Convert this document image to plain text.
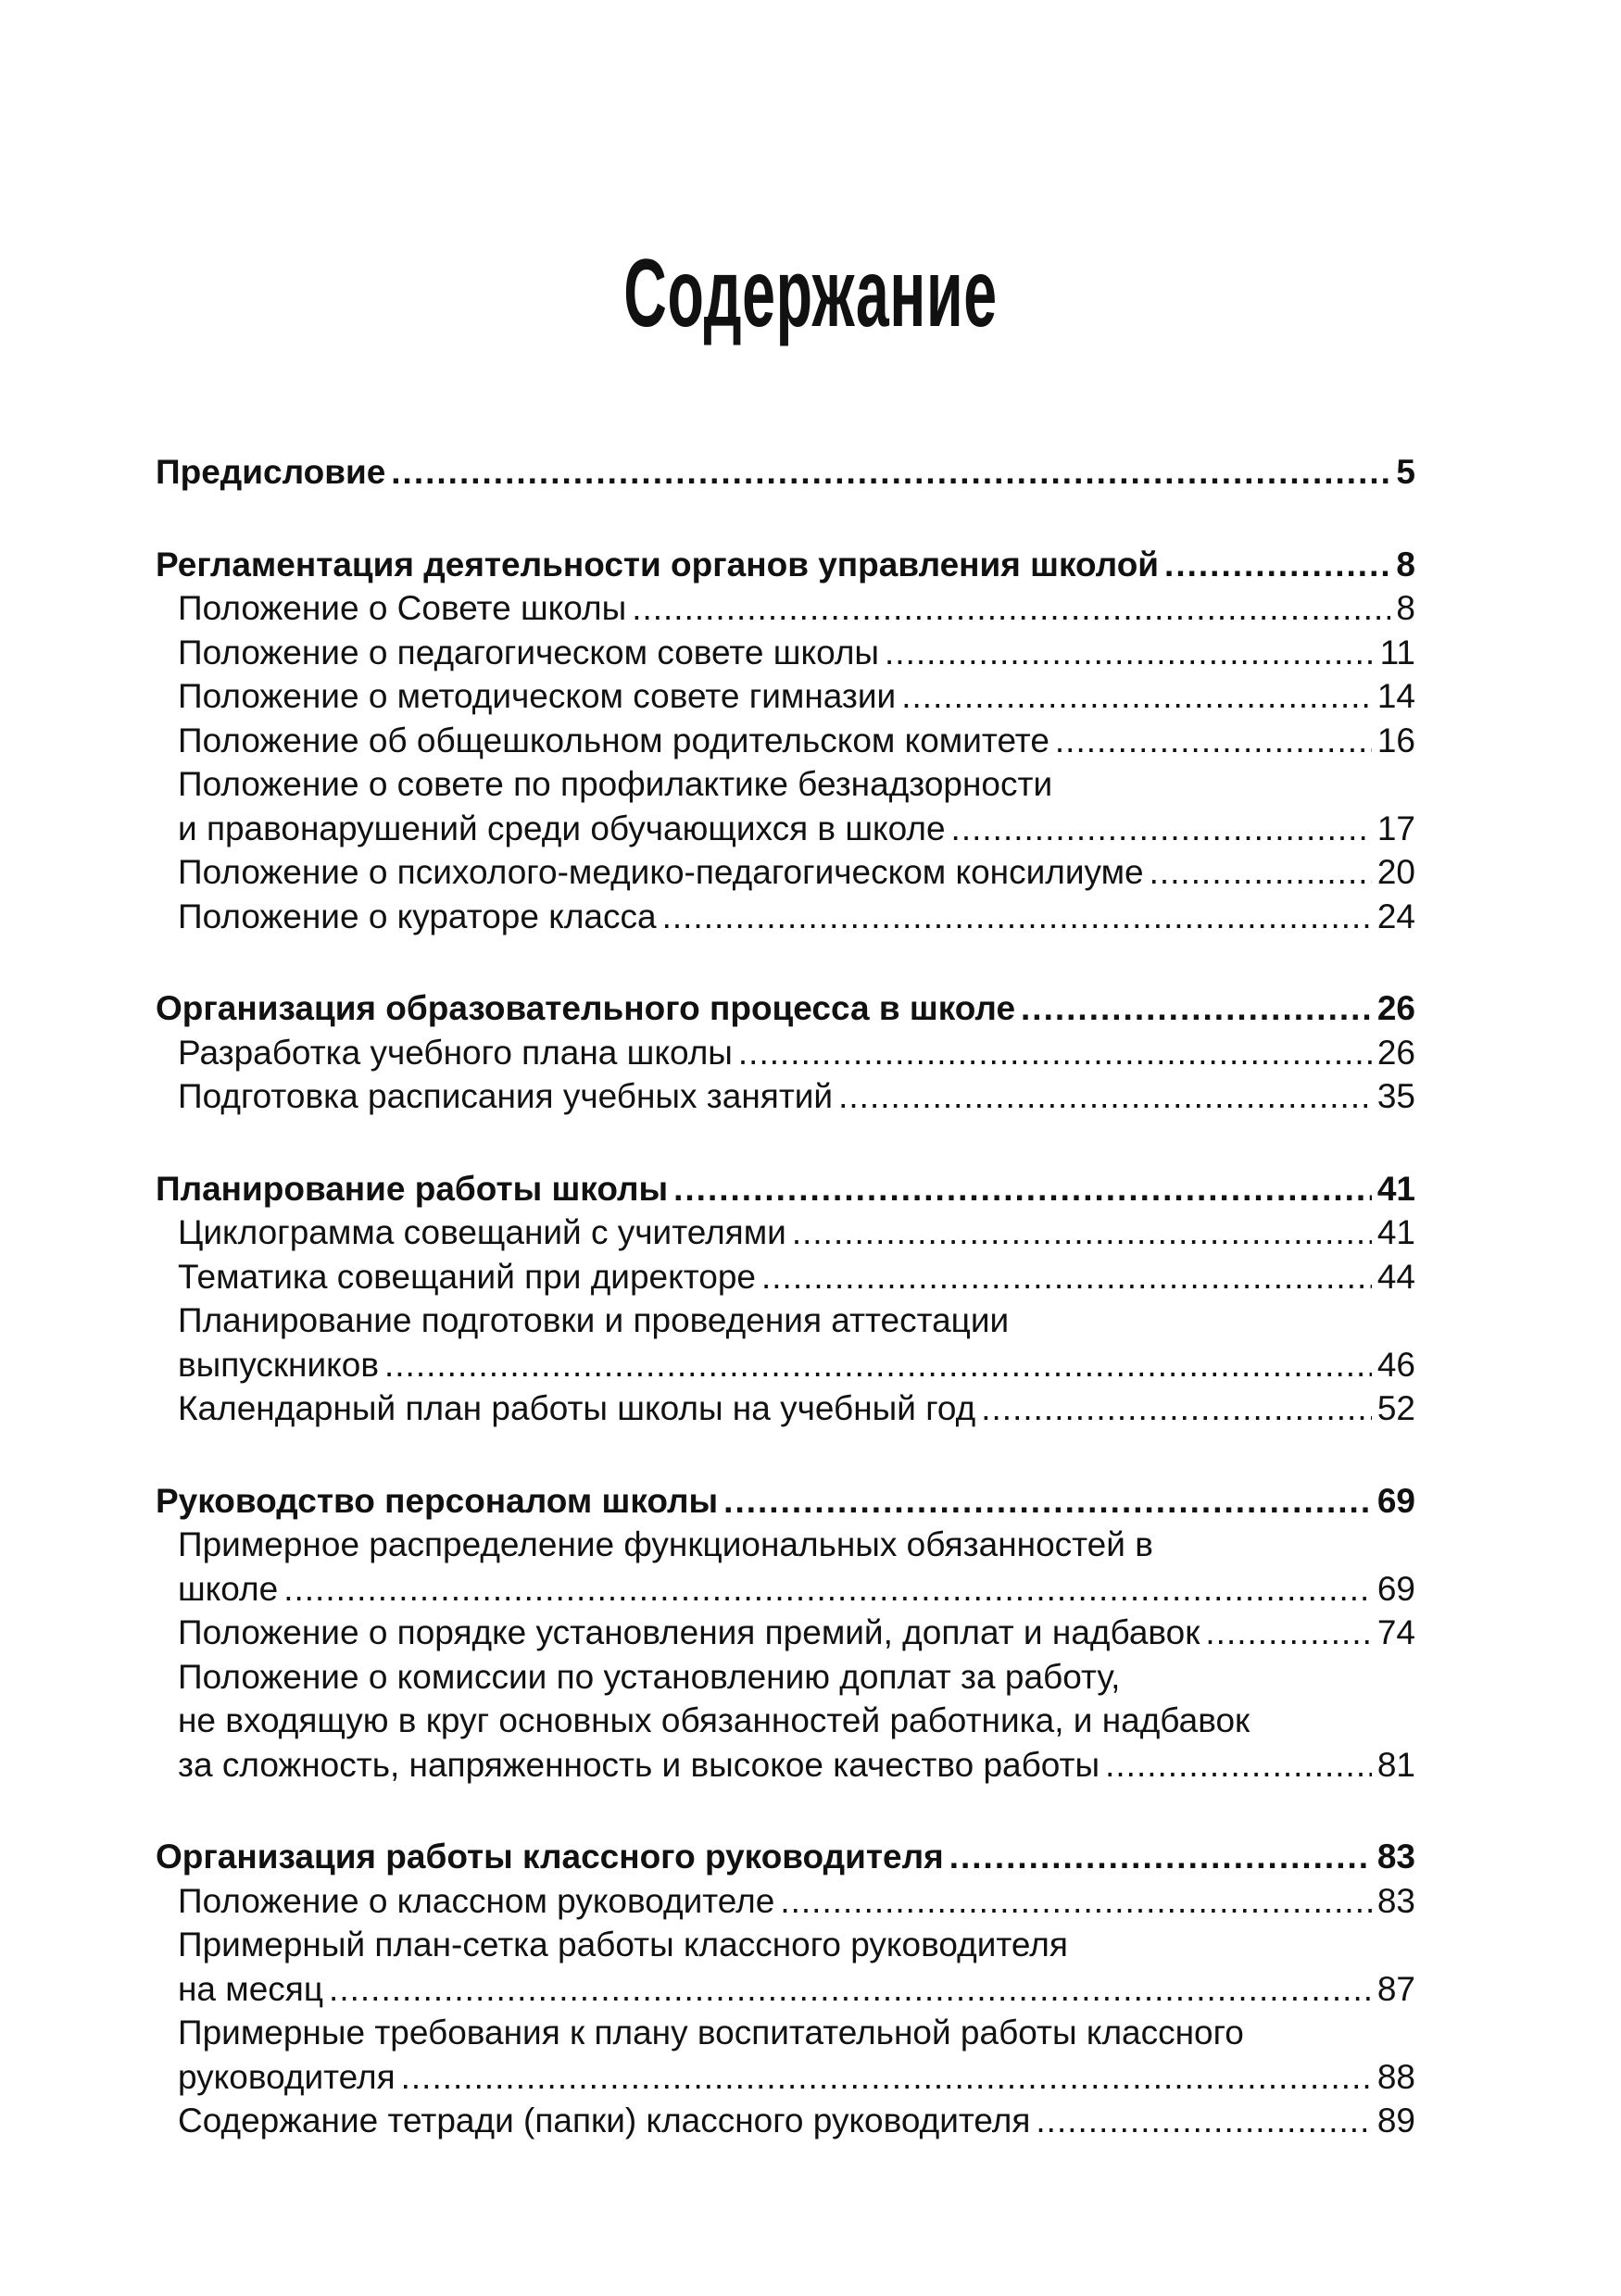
Содержание
Предисловие .....	5
Регламентация деятельности органов управления школой .....	8
Положение о Совете школы .....	8
Положение о педагогическом совете школы .....	11
Положение о методическом совете гимназии .....	14
Положение об общешкольном родительском комитете .....	16
Положение о совете по профилактике безнадзорности
и правонарушений среди обучающихся в школе .....	17
Положение о психолого-медико-педагогическом консилиуме .....	20
Положение о кураторе класса .....	24
Организация образовательного процесса в школе .....	26
Разработка учебного плана школы .....	26
Подготовка расписания учебных занятий .....	35
Планирование работы школы .....	41
Циклограмма совещаний с учителями .....	41
Тематика совещаний при директоре .....	44
Планирование подготовки и проведения аттестации
выпускников .....	46
Календарный план работы школы на учебный год .....	52
Руководство персоналом школы .....	69
Примерное распределение функциональных обязанностей в
школе .....	69
Положение о порядке установления премий, доплат и надбавок .....	74
Положение о комиссии по установлению доплат за работу,
не входящую в круг основных обязанностей работника, и надбавок
за сложность, напряженность и высокое качество работы .....	81
Организация работы классного руководителя .....	83
Положение о классном руководителе .....	83
Примерный план-сетка работы классного руководителя
на месяц .....	87
Примерные требования к плану воспитательной работы классного
руководителя .....	88
Содержание тетради (папки) классного руководителя .....	89
